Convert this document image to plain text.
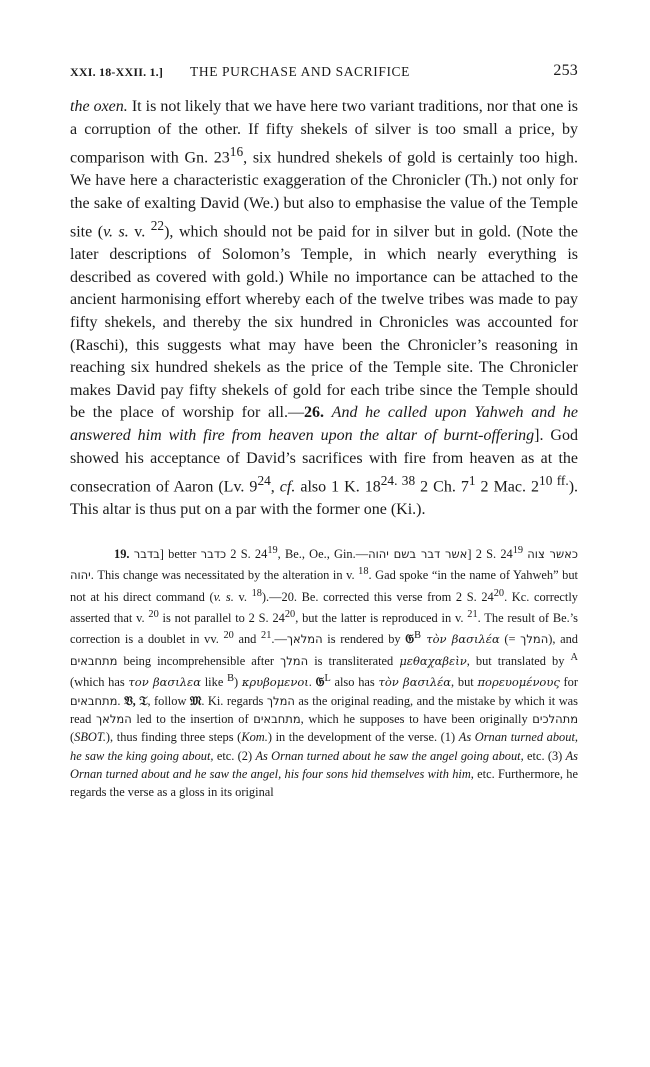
XXI. 18-XXII. 1.] THE PURCHASE AND SACRIFICE	253

the oxen. It is not likely that we have here two variant traditions, nor that one is a corruption of the other. If fifty shekels of silver is too small a price, by comparison with Gn. $23^{16}$, six hundred shekels of gold is certainly too high. We have here a characteristic exaggeration of the Chronicler (Th.) not only for the sake of exalting David (We.) but also to emphasise the value of the Temple site (v. s. v. $^{22}$), which should not be paid for in silver but in gold. (Note the later descriptions of Solomon’s Temple, in which nearly everything is described as covered with gold.) While no importance can be attached to the ancient harmonising effort whereby each of the twelve tribes was made to pay fifty shekels, and thereby the six hundred in Chronicles was accounted for (Raschi), this suggests what may have been the Chronicler’s reasoning in reaching six hundred shekels as the price of the Temple site. The Chronicler makes David pay fifty shekels of gold for each tribe since the Temple should be the place of worship for all.—26. And he called upon Yahweh and he answered him with fire from heaven upon the altar of burnt-offering]. God showed his acceptance of David’s sacrifices with fire from heaven as at the consecration of Aaron (Lv. $9^{24}$, cf. also 1 K. $18^{24. 38}$ 2 Ch. $7^1$ 2 Mac. $2^{10 ff.}$). This altar is thus put on a par with the former one (Ki.).

19. בדבר] better כדבר 2 S. $24^{19}$, Be., Oe., Gin.—אשר דבר בשם יהוה] 2 S. $24^{19}$ כאשר צוה יהוה. This change was necessitated by the alteration in v. $^{18}$. Gad spoke “in the name of Yahweh” but not at his direct command (v. s. v. $^{18}$).—20. Be. corrected this verse from 2 S. $24^{20}$. Kc. correctly asserted that v. $^{20}$ is not parallel to 2 S. $24^{20}$, but the latter is reproduced in v. $^{21}$. The result of Be.’s correction is a doublet in vv. $^{20}$ and $^{21}$.—המלאך is rendered by 𝔊$^B$ τὸν βασιλέα (= המלך), and מתחבאים being incomprehensible after המלך is transliterated μεθαχαβεὶν, but translated by $^A$ (which has τον βασιλεα like $^B$) κρυβομενοι. 𝔊$^L$ also has τὸν βασιλέα, but πορευομένους for מתחבאים. 𝔙, 𝔗, follow 𝔐. Ki. regards המלך as the original reading, and the mistake by which it was read המלאך led to the insertion of מתחבאים, which he supposes to have been originally מתהלכים (SBOT.), thus finding three steps (Kom.) in the development of the verse. (1) As Ornan turned about, he saw the king going about, etc. (2) As Ornan turned about he saw the angel going about, etc. (3) As Ornan turned about and he saw the angel, his four sons hid themselves with him, etc. Furthermore, he regards the verse as a gloss in its original
